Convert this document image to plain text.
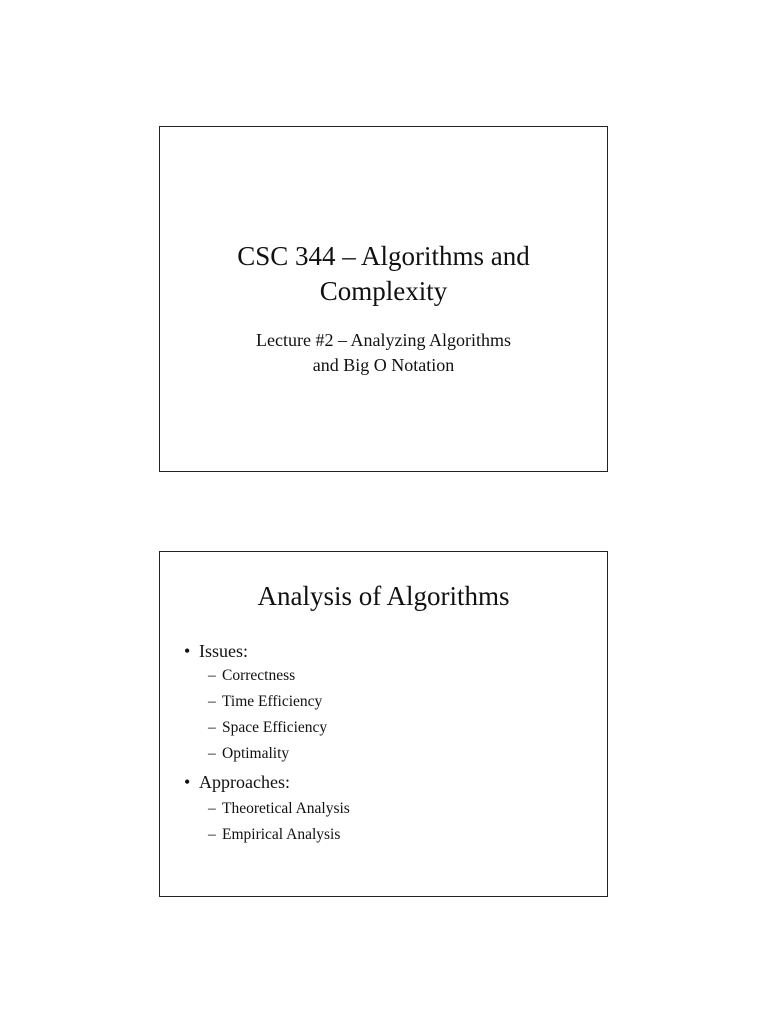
CSC 344 – Algorithms and
Complexity
Lecture #2 – Analyzing Algorithms
and Big O Notation
Analysis of Algorithms
• Issues:
– Correctness
– Time Efficiency
– Space Efficiency
– Optimality
• Approaches:
– Theoretical Analysis
– Empirical Analysis
